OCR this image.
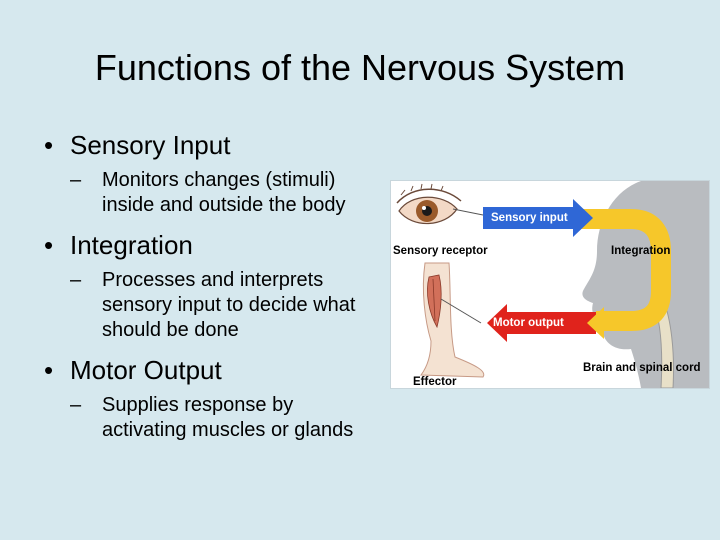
Functions of the Nervous System
• Sensory Input
– Monitors changes (stimuli) inside and outside the body
• Integration
– Processes and interprets sensory input to decide what should be done
• Motor Output
– Supplies response by activating muscles or glands
Sensory receptor
Sensory input
Integration
Motor output
Effector
Brain and spinal cord
